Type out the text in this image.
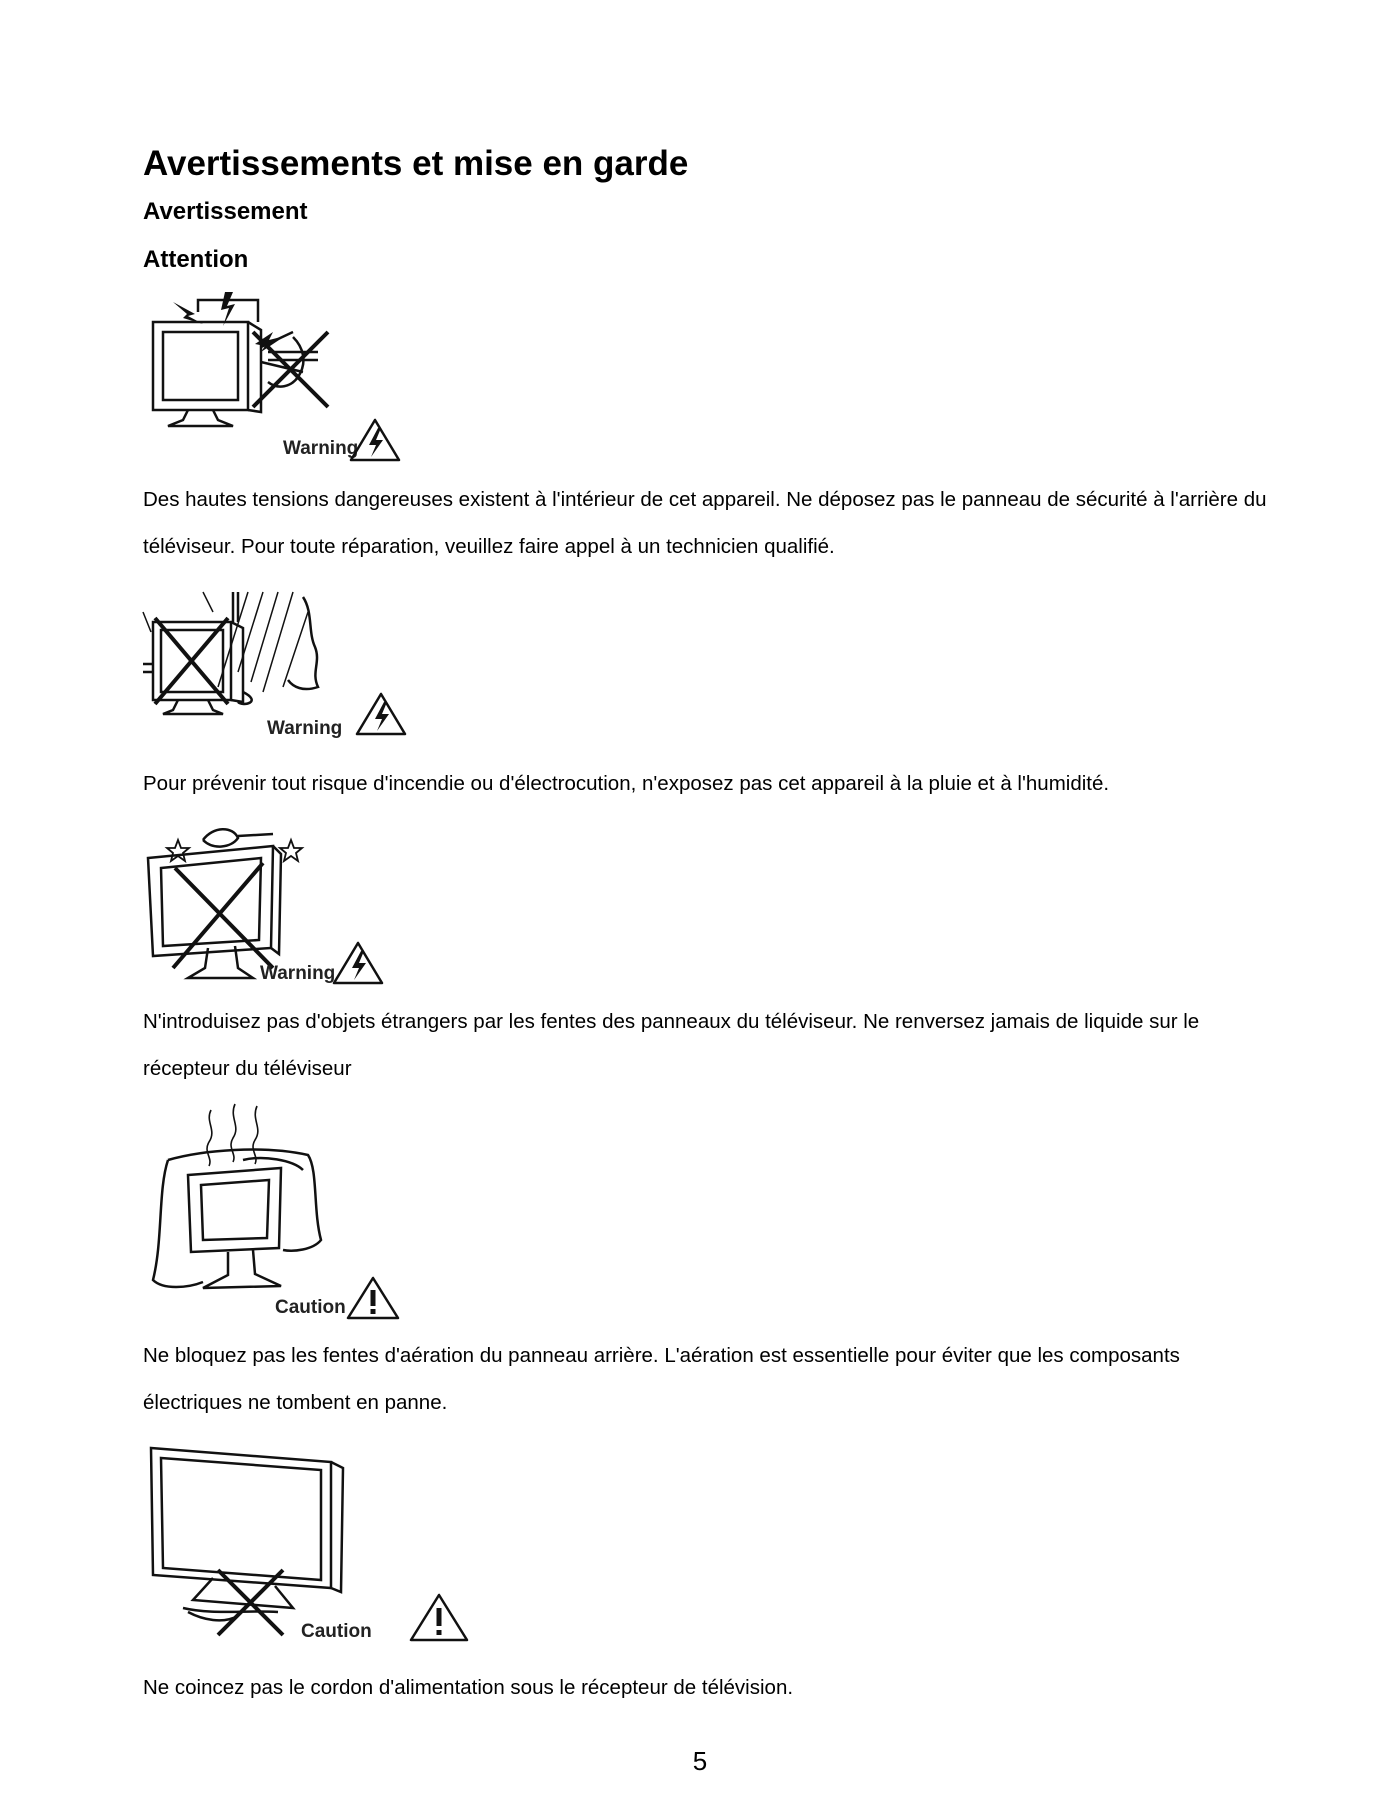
Avertissements et mise en garde
Avertissement
Attention
Warning

Des hautes tensions dangereuses existent à l'intérieur de cet appareil. Ne déposez pas le panneau de sécurité à l'arrière du téléviseur. Pour toute réparation, veuillez faire appel à un technicien qualifié.

Warning

Pour prévenir tout risque d'incendie ou d'électrocution, n'exposez pas cet appareil à la pluie et à l'humidité.

Warning

N'introduisez pas d'objets étrangers par les fentes des panneaux du téléviseur. Ne renversez jamais de liquide sur le récepteur du téléviseur

Caution

Ne bloquez pas les fentes d'aération du panneau arrière. L'aération est essentielle pour éviter que les composants électriques ne tombent en panne.

Caution

Ne coincez pas le cordon d'alimentation sous le récepteur de télévision.

5
